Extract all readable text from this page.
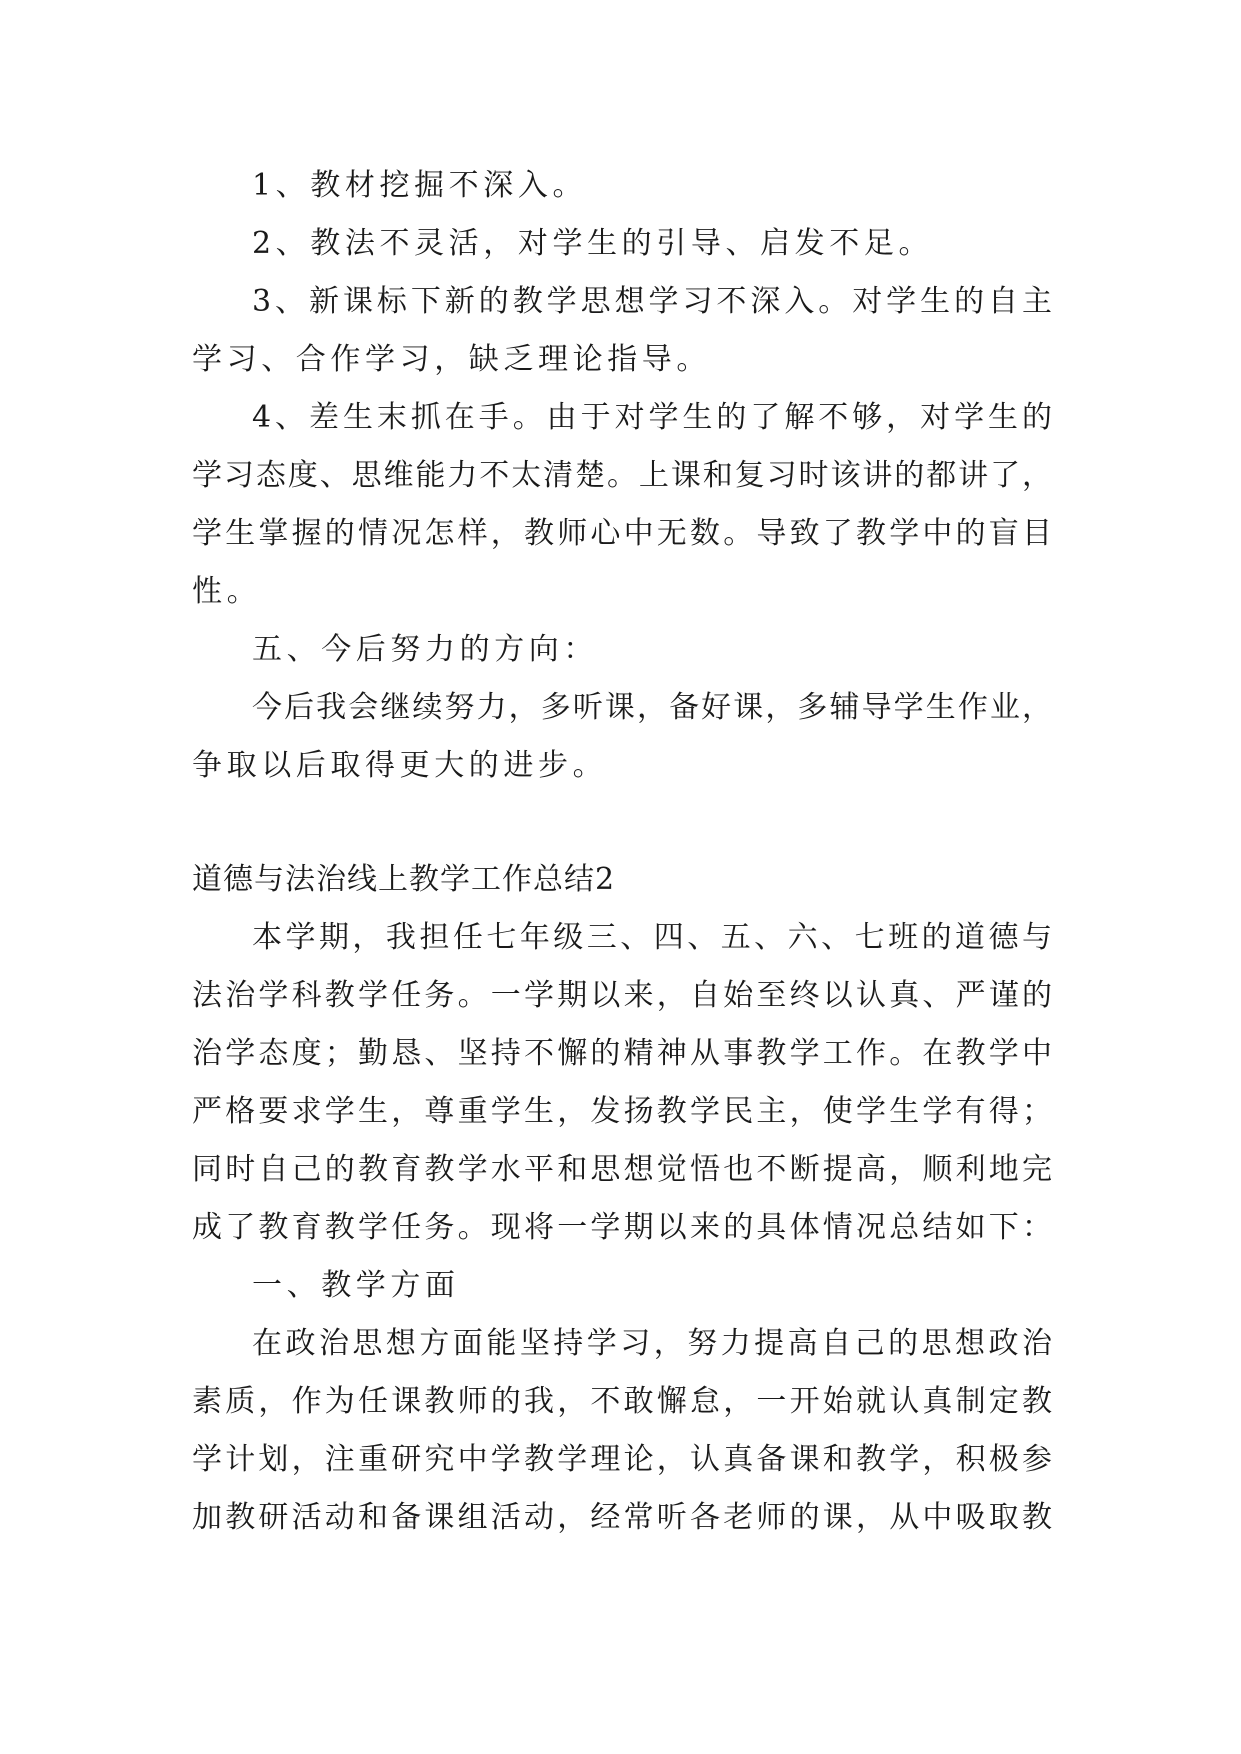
1、教材挖掘不深入。
2、教法不灵活，对学生的引导、启发不足。
3、新课标下新的教学思想学习不深入。对学生的自主
学习、合作学习，缺乏理论指导。
4、差生末抓在手。由于对学生的了解不够，对学生的
学习态度、思维能力不太清楚。上课和复习时该讲的都讲了，
学生掌握的情况怎样，教师心中无数。导致了教学中的盲目
性。
五、今后努力的方向：
今后我会继续努力，多听课，备好课，多辅导学生作业，
争取以后取得更大的进步。
道德与法治线上教学工作总结2
本学期，我担任七年级三、四、五、六、七班的道德与
法治学科教学任务。一学期以来，自始至终以认真、严谨的
治学态度；勤恳、坚持不懈的精神从事教学工作。在教学中
严格要求学生，尊重学生，发扬教学民主，使学生学有得；
同时自己的教育教学水平和思想觉悟也不断提高，顺利地完
成了教育教学任务。现将一学期以来的具体情况总结如下：
一、教学方面
在政治思想方面能坚持学习，努力提高自己的思想政治
素质，作为任课教师的我，不敢懈怠，一开始就认真制定教
学计划，注重研究中学教学理论，认真备课和教学，积极参
加教研活动和备课组活动，经常听各老师的课，从中吸取教
